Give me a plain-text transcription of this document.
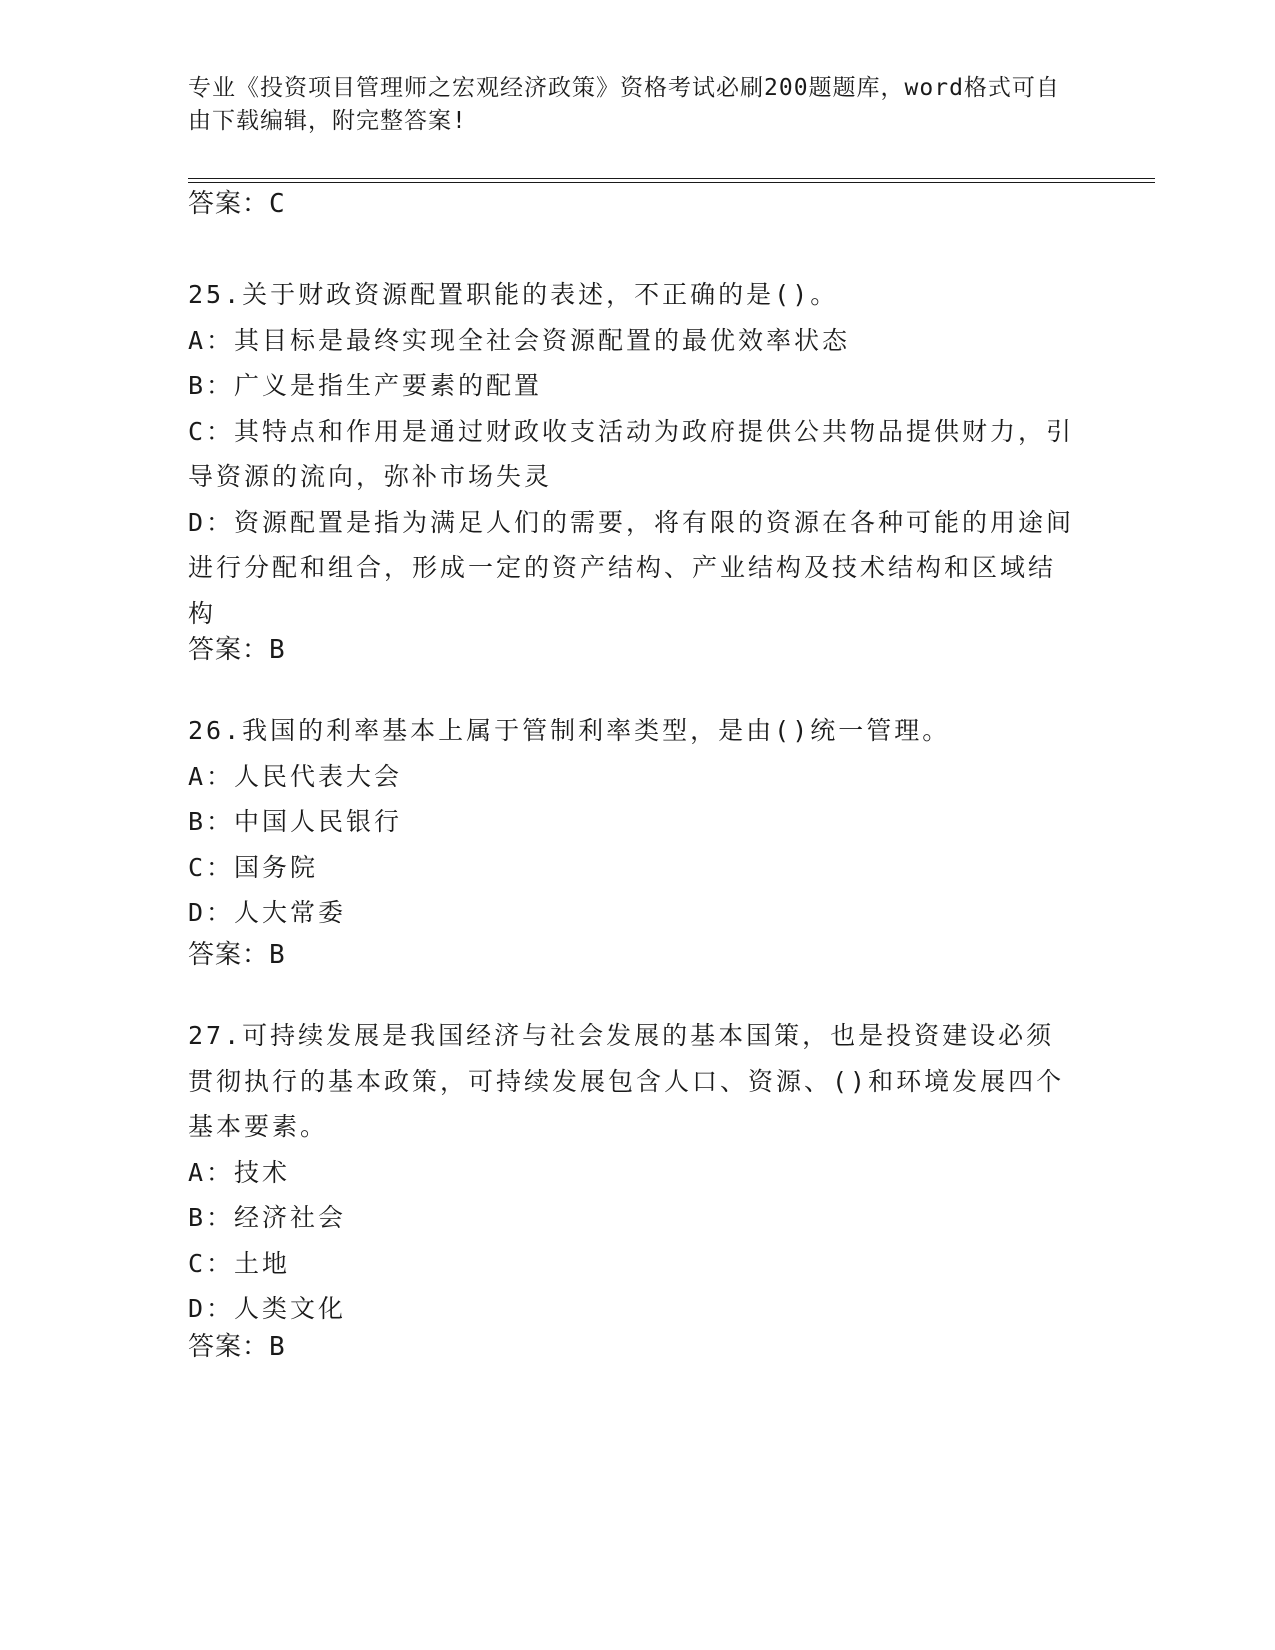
专业《投资项目管理师之宏观经济政策》资格考试必刷200题题库，word格式可自由下载编辑，附完整答案!
答案：C
25.关于财政资源配置职能的表述，不正确的是()。
A：其目标是最终实现全社会资源配置的最优效率状态
B：广义是指生产要素的配置
C：其特点和作用是通过财政收支活动为政府提供公共物品提供财力，引导资源的流向，弥补市场失灵
D：资源配置是指为满足人们的需要，将有限的资源在各种可能的用途间进行分配和组合，形成一定的资产结构、产业结构及技术结构和区域结构
答案：B
26.我国的利率基本上属于管制利率类型，是由()统一管理。
A：人民代表大会
B：中国人民银行
C：国务院
D：人大常委
答案：B
27.可持续发展是我国经济与社会发展的基本国策，也是投资建设必须贯彻执行的基本政策，可持续发展包含人口、资源、()和环境发展四个基本要素。
A：技术
B：经济社会
C：土地
D：人类文化
答案：B
